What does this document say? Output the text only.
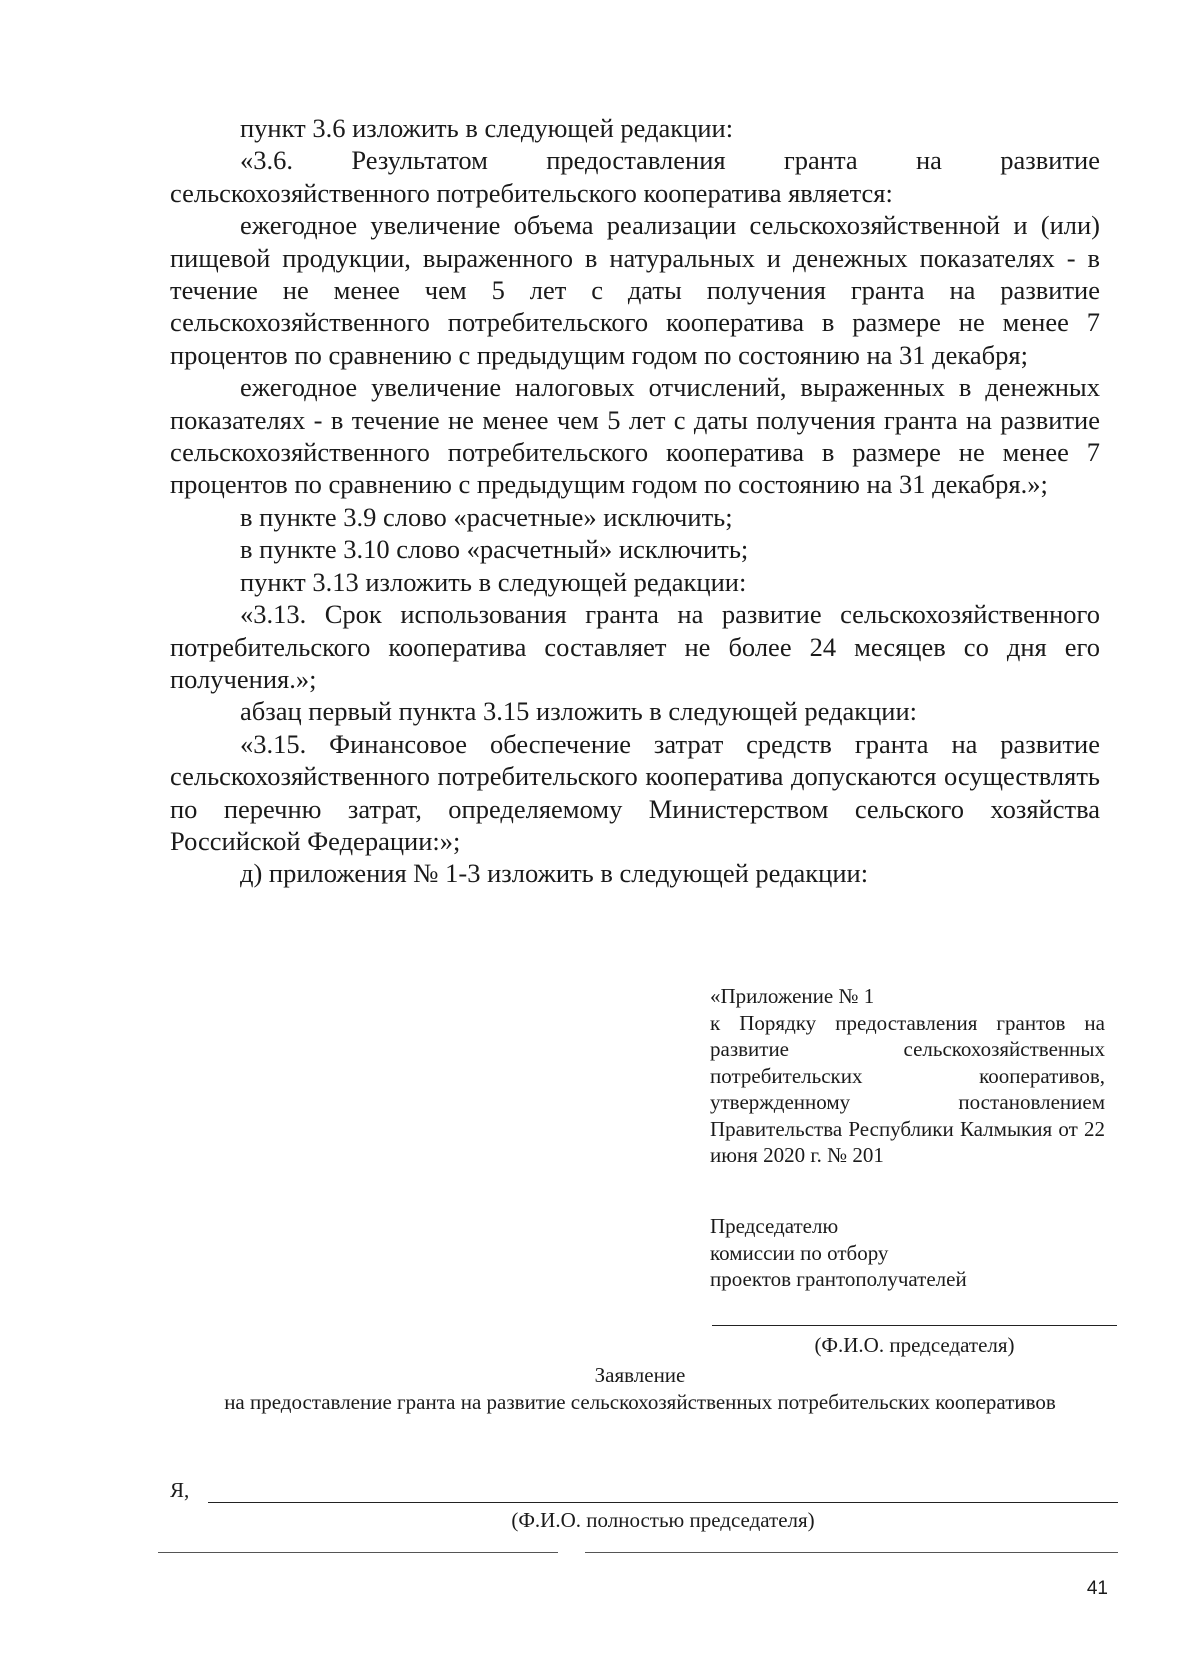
пункт 3.6 изложить в следующей редакции:

«3.6. Результатом предоставления гранта на развитие сельскохозяйственного потребительского кооператива является:

ежегодное увеличение объема реализации сельскохозяйственной и (или) пищевой продукции, выраженного в натуральных и денежных показателях - в течение не менее чем 5 лет с даты получения гранта на развитие сельскохозяйственного потребительского кооператива в размере не менее 7 процентов по сравнению с предыдущим годом по состоянию на 31 декабря;

ежегодное увеличение налоговых отчислений, выраженных в денежных показателях - в течение не менее чем 5 лет с даты получения гранта на развитие сельскохозяйственного потребительского кооператива в размере не менее 7 процентов по сравнению с предыдущим годом по состоянию на 31 декабря.»;

в пункте 3.9 слово «расчетные» исключить;

в пункте 3.10 слово «расчетный» исключить;

пункт 3.13 изложить в следующей редакции:

«3.13. Срок использования гранта на развитие сельскохозяйственного потребительского кооператива составляет не более 24 месяцев со дня его получения.»;

абзац первый пункта 3.15 изложить в следующей редакции:

«3.15. Финансовое обеспечение затрат средств гранта на развитие сельскохозяйственного потребительского кооператива допускаются осуществлять по перечню затрат, определяемому Министерством сельского хозяйства Российской Федерации:»;

д) приложения № 1-3 изложить в следующей редакции:

«Приложение № 1

к Порядку предоставления грантов на развитие сельскохозяйственных потребительских кооперативов, утвержденному постановлением Правительства Республики Калмыкия от 22 июня 2020 г. № 201

Председателю

комиссии по отбору

проектов грантополучателей

(Ф.И.О. председателя)

Заявление

на предоставление гранта на развитие сельскохозяйственных потребительских кооперативов

Я,
(Ф.И.О. полностью председателя)
41
